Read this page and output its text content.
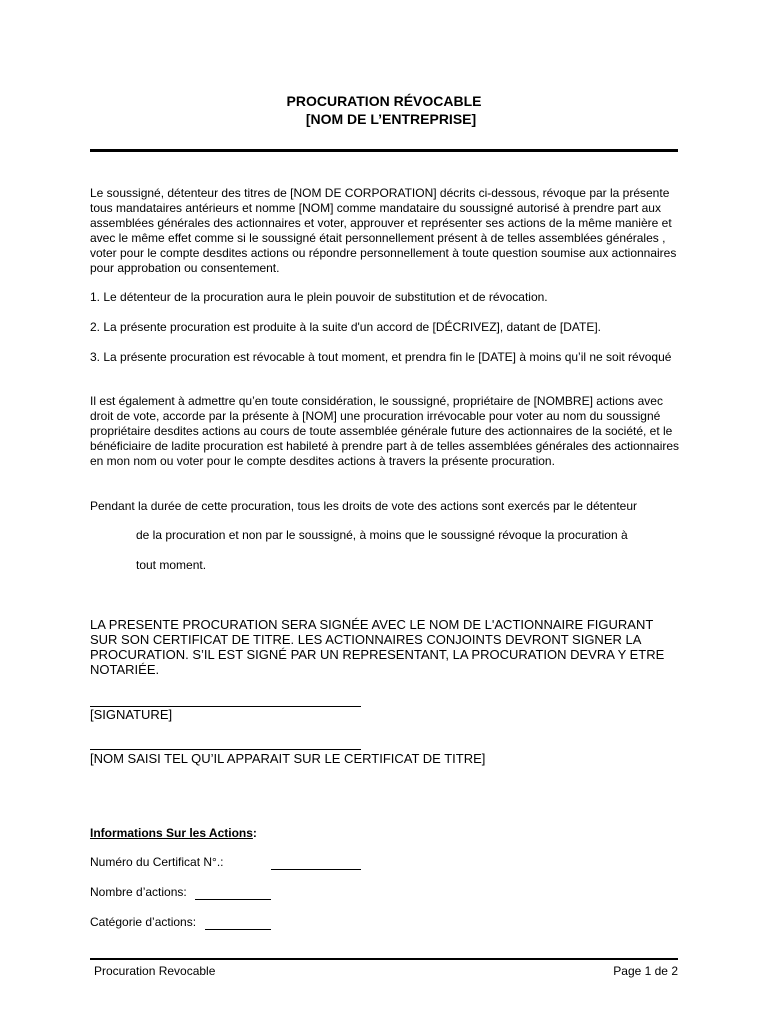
PROCURATION RÉVOCABLE
[NOM DE L’ENTREPRISE]

Le soussigné, détenteur des titres de [NOM DE CORPORATION] décrits ci-dessous, révoque par la présente tous mandataires antérieurs et nomme [NOM] comme mandataire du soussigné autorisé à prendre part aux assemblées générales des actionnaires et voter, approuver et représenter ses actions de la même manière et avec le même effet comme si le soussigné était personnellement présent à de telles assemblées générales , voter pour le compte desdites actions ou répondre personnellement à toute question soumise aux actionnaires pour approbation ou consentement.

1. Le détenteur de la procuration aura le plein pouvoir de substitution et de révocation.

2. La présente procuration est produite à la suite d'un accord de [DÉCRIVEZ], datant de [DATE].

3. La présente procuration est révocable à tout moment, et prendra fin le [DATE] à moins qu’il ne soit révoqué

Il est également à admettre qu’en toute considération, le soussigné, propriétaire de [NOMBRE] actions avec droit de vote, accorde par la présente à [NOM] une procuration irrévocable pour voter au nom du soussigné propriétaire desdites actions au cours de toute assemblée générale future des actionnaires de la société, et le bénéficiaire de ladite procuration est habileté à prendre part à de telles assemblées générales des actionnaires en mon nom ou voter pour le compte desdites actions à travers la présente procuration.

Pendant la durée de cette procuration, tous les droits de vote des actions sont exercés par le détenteur

de la procuration et non par le soussigné, à moins que le soussigné révoque la procuration à

tout moment.

LA PRESENTE PROCURATION SERA SIGNÉE AVEC LE NOM DE L'ACTIONNAIRE FIGURANT SUR SON CERTIFICAT DE TITRE. LES ACTIONNAIRES CONJOINTS DEVRONT SIGNER LA PROCURATION. S’IL EST SIGNÉ PAR UN REPRESENTANT, LA PROCURATION DEVRA Y ETRE NOTARIÉE.

[SIGNATURE]
[NOM SAISI TEL QU’IL APPARAIT SUR LE CERTIFICAT DE TITRE]
Informations Sur les Actions:
Numéro du Certificat N°.:
Nombre d’actions:
Catégorie d’actions:
Procuration Revocable	Page 1 de 2
